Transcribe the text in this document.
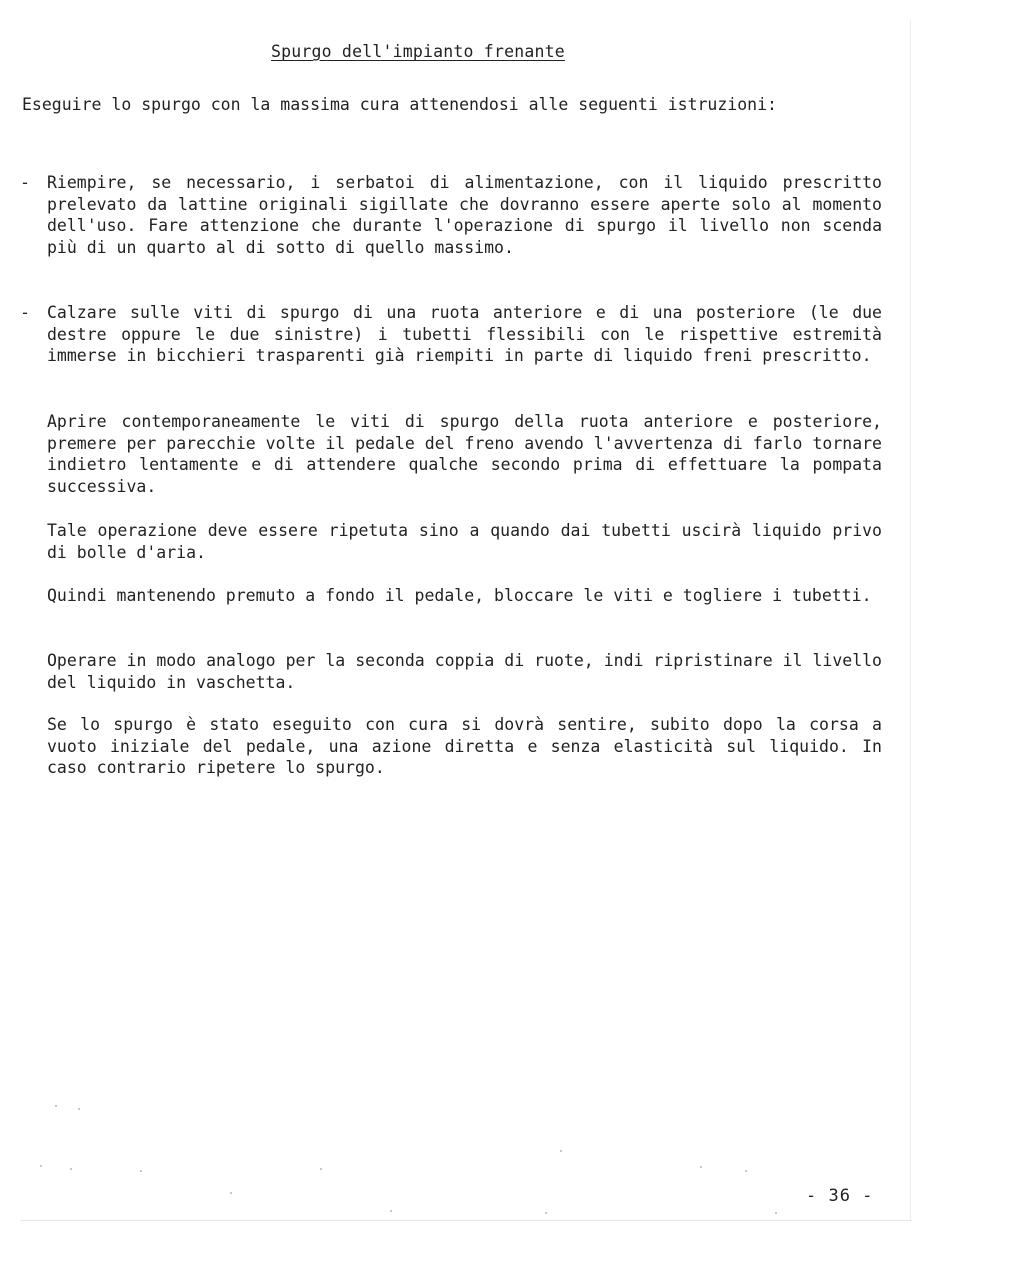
Spurgo dell'impianto frenante

Eseguire lo spurgo con la massima cura attenendosi alle seguenti istruzioni:

- Riempire, se necessario, i serbatoi di alimentazione, con il liquido prescritto prelevato da lattine originali sigillate che dovranno essere aperte solo al momento dell'uso. Fare attenzione che durante l'operazione di spurgo il livello non scenda più di un quarto al di sotto di quello massimo.

- Calzare sulle viti di spurgo di una ruota anteriore e di una posteriore (le due destre oppure le due sinistre) i tubetti flessibili con le rispettive estremità immerse in bicchieri trasparenti già riempiti in parte di liquido freni prescritto.

Aprire contemporaneamente le viti di spurgo della ruota anteriore e posteriore, premere per parecchie volte il pedale del freno avendo l'avvertenza di farlo tornare indietro lentamente e di attendere qualche secondo prima di effettuare la pompata successiva.

Tale operazione deve essere ripetuta sino a quando dai tubetti uscirà liquido privo di bolle d'aria.

Quindi mantenendo premuto a fondo il pedale, bloccare le viti e togliere i tubetti.

Operare in modo analogo per la seconda coppia di ruote, indi ripristinare il livello del liquido in vaschetta.

Se lo spurgo è stato eseguito con cura si dovrà sentire, subito dopo la corsa a vuoto iniziale del pedale, una azione diretta e senza elasticità sul liquido. In caso contrario ripetere lo spurgo.

- 36 -
